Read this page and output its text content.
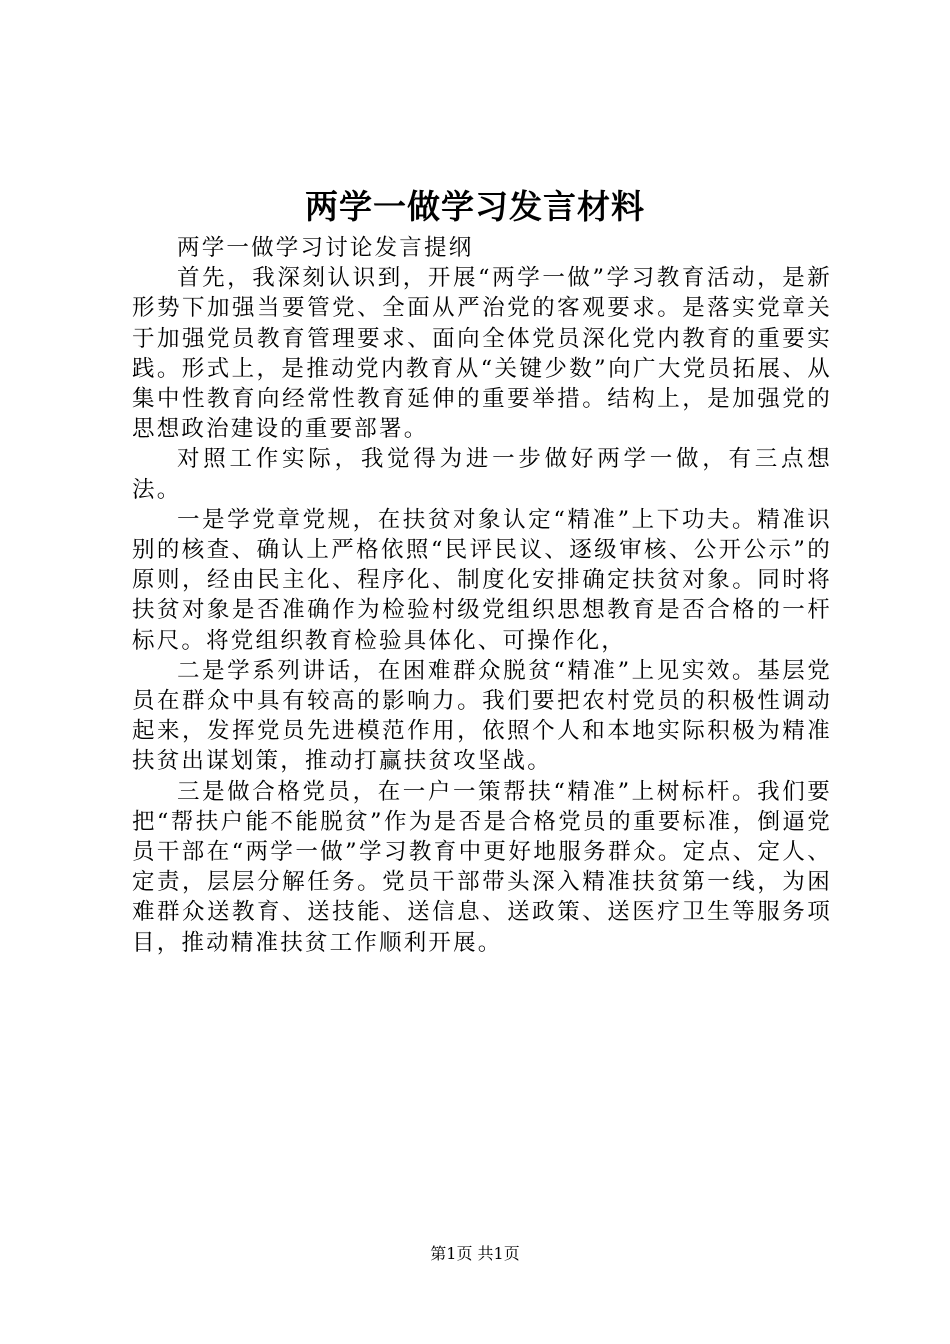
两学一做学习发言材料

两学一做学习讨论发言提纲

首先，我深刻认识到，开展“两学一做”学习教育活动，是新形势下加强当要管党、全面从严治党的客观要求。是落实党章关于加强党员教育管理要求、面向全体党员深化党内教育的重要实践。形式上，是推动党内教育从“关键少数”向广大党员拓展、从集中性教育向经常性教育延伸的重要举措。结构上，是加强党的思想政治建设的重要部署。

对照工作实际，我觉得为进一步做好两学一做，有三点想法。

一是学党章党规，在扶贫对象认定“精准”上下功夫。精准识别的核查、确认上严格依照“民评民议、逐级审核、公开公示”的原则，经由民主化、程序化、制度化安排确定扶贫对象。同时将扶贫对象是否准确作为检验村级党组织思想教育是否合格的一杆标尺。将党组织教育检验具体化、可操作化，

二是学系列讲话，在困难群众脱贫“精准”上见实效。基层党员在群众中具有较高的影响力。我们要把农村党员的积极性调动起来，发挥党员先进模范作用，依照个人和本地实际积极为精准扶贫出谋划策，推动打赢扶贫攻坚战。

三是做合格党员，在一户一策帮扶“精准”上树标杆。我们要把“帮扶户能不能脱贫”作为是否是合格党员的重要标准，倒逼党员干部在“两学一做”学习教育中更好地服务群众。定点、定人、定责，层层分解任务。党员干部带头深入精准扶贫第一线，为困难群众送教育、送技能、送信息、送政策、送医疗卫生等服务项目，推动精准扶贫工作顺利开展。

第1页 共1页
